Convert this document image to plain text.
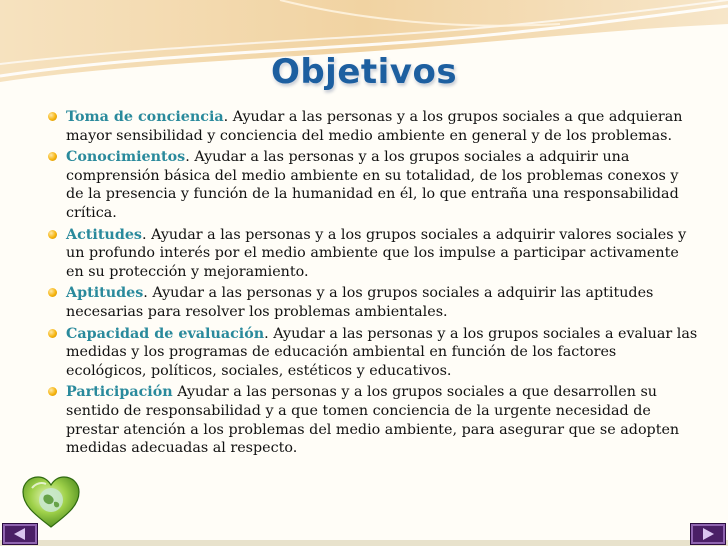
Objetivos
Toma de conciencia. Ayudar a las personas y a los grupos sociales a que adquieran mayor sensibilidad y conciencia del medio ambiente en general y de los problemas.
Conocimientos. Ayudar a las personas y a los grupos sociales a adquirir una comprensión básica del medio ambiente en su totalidad, de los problemas conexos y de la presencia y función de la humanidad en él, lo que entraña una responsabilidad crítica.
Actitudes. Ayudar a las personas y a los grupos sociales a adquirir valores sociales y un profundo interés por el medio ambiente que los impulse a participar activamente en su protección y mejoramiento.
Aptitudes. Ayudar a las personas y a los grupos sociales a adquirir las aptitudes necesarias para resolver los problemas ambientales.
Capacidad de evaluación. Ayudar a las personas y a los grupos sociales a evaluar las medidas y los programas de educación ambiental en función de los factores ecológicos, políticos, sociales, estéticos y educativos.
Participación Ayudar a las personas y a los grupos sociales a que desarrollen su sentido de responsabilidad y a que tomen conciencia de la urgente necesidad de prestar atención a los problemas del medio ambiente, para asegurar que se adopten medidas adecuadas al respecto.
